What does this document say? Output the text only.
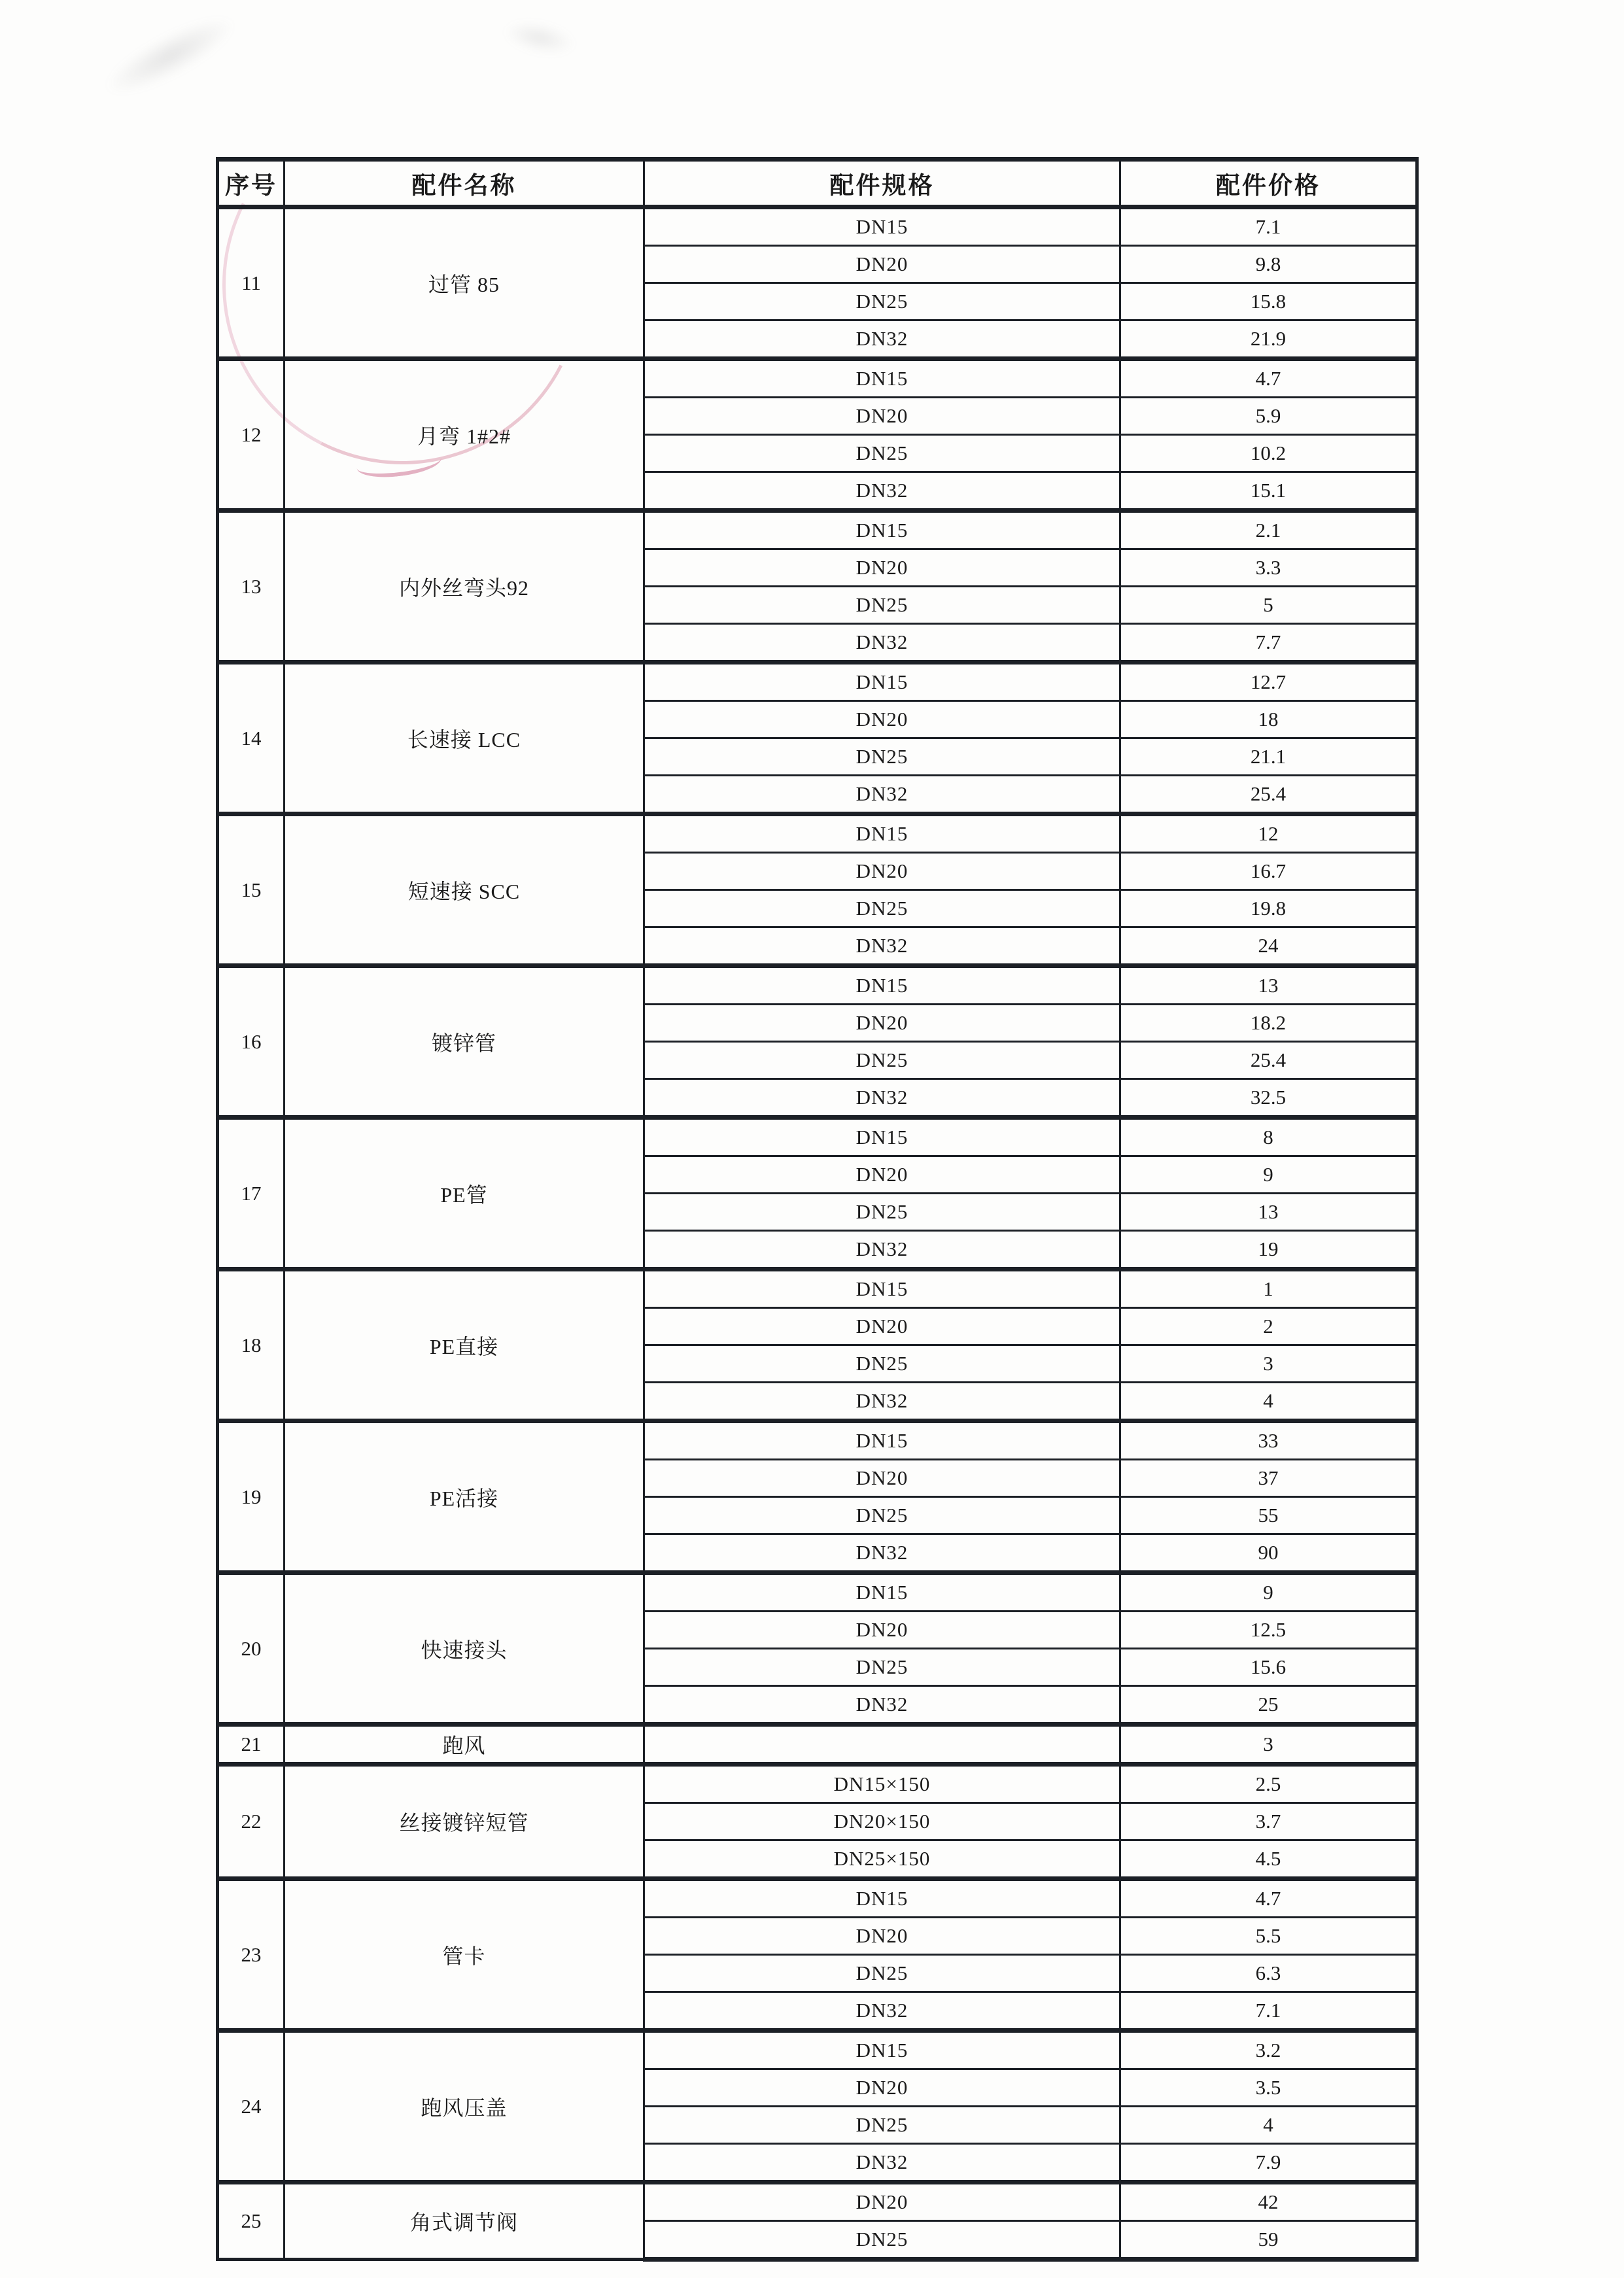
序号	配件名称	配件规格	配件价格
11	过管 85	DN15	7.1
		DN20	9.8
		DN25	15.8
		DN32	21.9
12	月弯 1#2#	DN15	4.7
		DN20	5.9
		DN25	10.2
		DN32	15.1
13	内外丝弯头92	DN15	2.1
		DN20	3.3
		DN25	5
		DN32	7.7
14	长速接 LCC	DN15	12.7
		DN20	18
		DN25	21.1
		DN32	25.4
15	短速接 SCC	DN15	12
		DN20	16.7
		DN25	19.8
		DN32	24
16	镀锌管	DN15	13
		DN20	18.2
		DN25	25.4
		DN32	32.5
17	PE管	DN15	8
		DN20	9
		DN25	13
		DN32	19
18	PE直接	DN15	1
		DN20	2
		DN25	3
		DN32	4
19	PE活接	DN15	33
		DN20	37
		DN25	55
		DN32	90
20	快速接头	DN15	9
		DN20	12.5
		DN25	15.6
		DN32	25
21	跑风		3
22	丝接镀锌短管	DN15×150	2.5
		DN20×150	3.7
		DN25×150	4.5
23	管卡	DN15	4.7
		DN20	5.5
		DN25	6.3
		DN32	7.1
24	跑风压盖	DN15	3.2
		DN20	3.5
		DN25	4
		DN32	7.9
25	角式调节阀	DN20	42
		DN25	59
